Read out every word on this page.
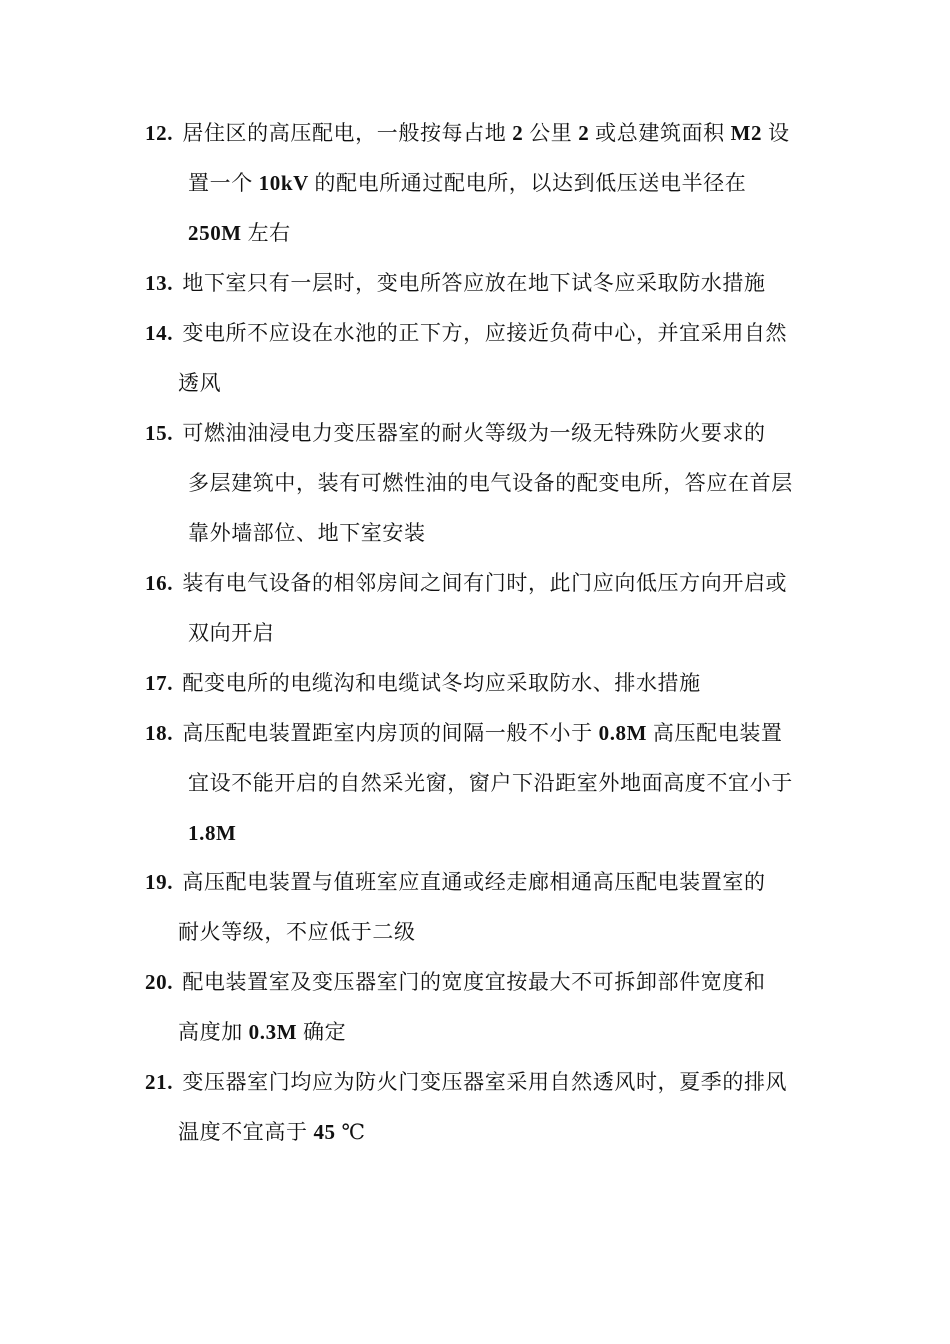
12. 居住区的高压配电，一般按每占地 2 公里 2 或总建筑面积 M2 设
置一个 10kV 的配电所通过配电所，以达到低压送电半径在
250M 左右
13. 地下室只有一层时，变电所答应放在地下试冬应采取防水措施
14. 变电所不应设在水池的正下方，应接近负荷中心，并宜采用自然
透风
15. 可燃油油浸电力变压器室的耐火等级为一级无特殊防火要求的
多层建筑中，装有可燃性油的电气设备的配变电所，答应在首层
靠外墙部位、地下室安装
16. 装有电气设备的相邻房间之间有门时，此门应向低压方向开启或
双向开启
17. 配变电所的电缆沟和电缆试冬均应采取防水、排水措施
18. 高压配电装置距室内房顶的间隔一般不小于 0.8M 高压配电装置
宜设不能开启的自然采光窗，窗户下沿距室外地面高度不宜小于
1.8M
19. 高压配电装置与值班室应直通或经走廊相通高压配电装置室的
耐火等级，不应低于二级
20. 配电装置室及变压器室门的宽度宜按最大不可拆卸部件宽度和
高度加 0.3M 确定
21. 变压器室门均应为防火门变压器室采用自然透风时，夏季的排风
温度不宜高于 45 ℃
